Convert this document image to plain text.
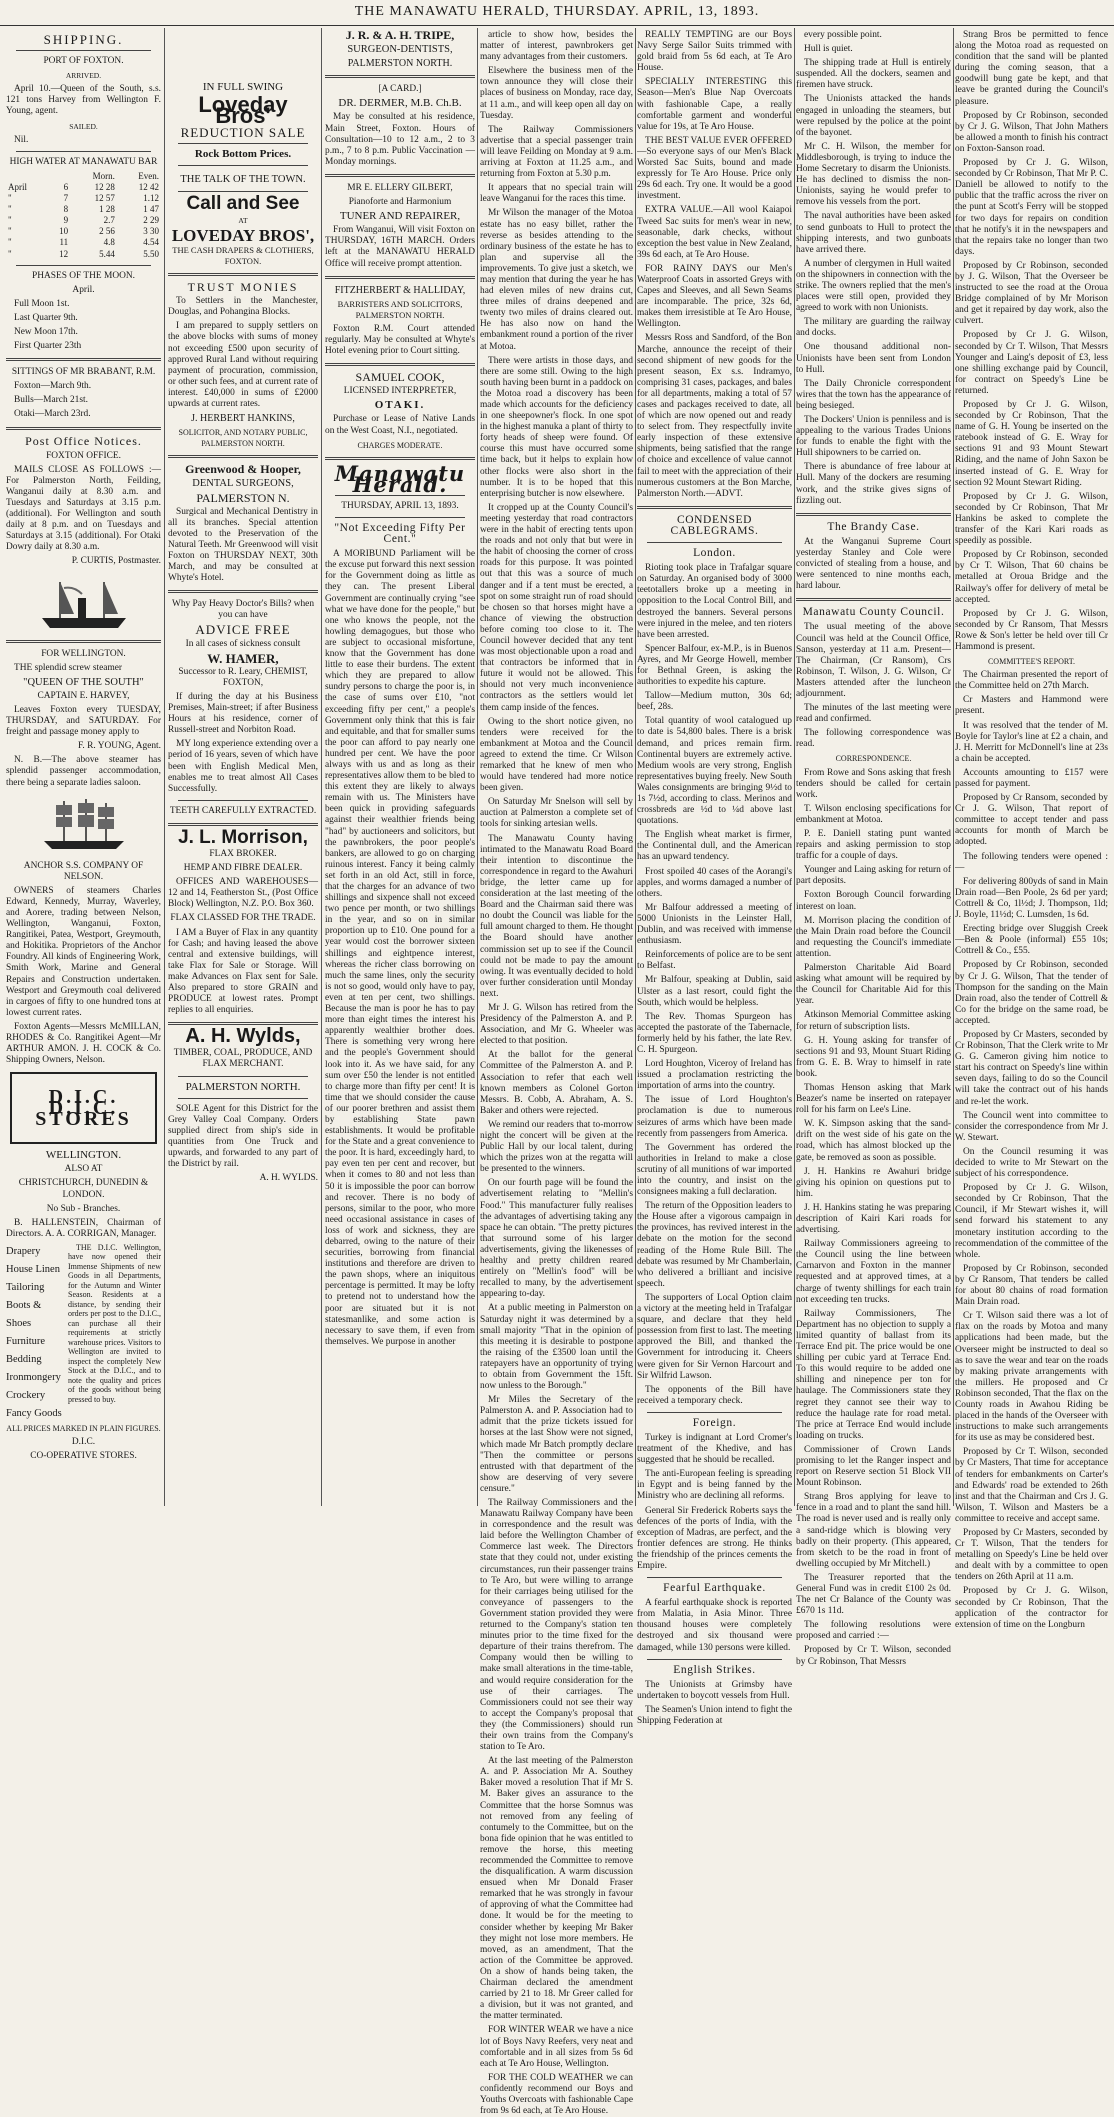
THE MANAWATU HERALD, THURSDAY. APRIL, 13, 1893.
SHIPPING.

PORT OF FOXTON.

ARRIVED.

April 10.—Queen of the South, s.s. 121 tons Harvey from Wellington F. Young, agent.

SAILED.

Nil.

HIGH WATER AT MANAWATU BAR

		Morn.	Even.
April	6	12 28	12 42
"	7	12 57	1.12
"	8	1 28	1 47
"	9	2.7	2 29
"	10	2 56	3 30
"	11	4.8	4.54
"	12	5.44	5.50

PHASES OF THE MOON.

April.

Full Moon 1st.

Last Quarter 9th.

New Moon 17th.

First Quarter 23th

SITTINGS OF MR BRABANT, R.M.

Foxton—March 9th.

Bulls—March 21st.

Otaki—March 23rd.

Post Office Notices.

FOXTON OFFICE.

MAILS CLOSE AS FOLLOWS :—For Palmerston North, Feilding, Wanganui daily at 8.30 a.m. and Tuesdays and Saturdays at 3.15 p.m. (additional). For Wellington and south daily at 8 p.m. and on Tuesdays and Saturdays at 3.15 (additional). For Otaki Dowry daily at 8.30 a.m.

P. CURTIS, Postmaster.

FOR WELLINGTON.

THE splendid screw steamer

"QUEEN OF THE SOUTH"

CAPTAIN E. HARVEY,

Leaves Foxton every TUESDAY, THURSDAY, and SATURDAY. For freight and passage money apply to

F. R. YOUNG, Agent.

N. B.—The above steamer has splendid passenger accommodation, there being a separate ladies saloon.

ANCHOR S.S. COMPANY OF NELSON.

OWNERS of steamers Charles Edward, Kennedy, Murray, Waverley, and Aorere, trading between Nelson, Wellington, Wanganui, Foxton, Rangitikei, Patea, Westport, Greymouth, and Hokitika. Proprietors of the Anchor Foundry. All kinds of Engineering Work, Smith Work, Marine and General Repairs and Construction undertaken. Westport and Greymouth coal delivered in cargoes of fifty to one hundred tons at lowest current rates.

Foxton Agents—Messrs McMILLAN, RHODES & Co. Rangitikei Agent—Mr ARTHUR AMON. J. H. COCK & Co. Shipping Owners, Nelson.

D.I.C. D.I.C. STORES

WELLINGTON.

ALSO AT

CHRISTCHURCH, DUNEDIN & LONDON.

No Sub - Branches.

B. HALLENSTEIN, Chairman of Directors. A. A. CORRIGAN, Manager.

Drapery
House Linen
Tailoring
Boots & Shoes
Furniture
Bedding
Ironmongery
Crockery
Fancy Goods

THE D.I.C. Wellington, have now opened their Immense Shipments of new Goods in all Departments, for the Autumn and Winter Season. Residents at a distance, by sending their orders per post to the D.I.C., can purchase all their requirements at strictly warehouse prices. Visitors to Wellington are invited to inspect the completely New Stock at the D.I.C., and to note the quality and prices of the goods without being pressed to buy.

ALL PRICES MARKED IN PLAIN FIGURES.

D.I.C.

CO-OPERATIVE STORES.

IN FULL SWING

Loveday Bros'

REDUCTION SALE

Rock Bottom Prices.

THE TALK OF THE TOWN.

Call and See

AT

LOVEDAY BROS',

THE CASH DRAPERS & CLOTHIERS, FOXTON.

TRUST MONIES

To Settlers in the Manchester, Douglas, and Pohangina Blocks.

I am prepared to supply settlers on the above blocks with sums of money not exceeding £500 upon security of approved Rural Land without requiring payment of procuration, commission, or other such fees, and at current rate of interest. £40,000 in sums of £2000 upwards at current rates.

J. HERBERT HANKINS,

SOLICITOR, AND NOTARY PUBLIC, PALMERSTON NORTH.

Greenwood & Hooper,

DENTAL SURGEONS,

PALMERSTON N.

Surgical and Mechanical Dentistry in all its branches. Special attention devoted to the Preservation of the Natural Teeth. Mr Greenwood will visit Foxton on THURSDAY NEXT, 30th March, and may be consulted at Whyte's Hotel.

Why Pay Heavy Doctor's Bills? when you can have

ADVICE FREE

In all cases of sickness consult

W. HAMER,

Successor to R. Leary, CHEMIST, FOXTON,

If during the day at his Business Premises, Main-street; if after Business Hours at his residence, corner of Russell-street and Norbiton Road.

MY long experience extending over a period of 16 years, seven of which have been with English Medical Men, enables me to treat almost All Cases Successfully.

TEETH CAREFULLY EXTRACTED.

J. L. Morrison,

FLAX BROKER.

HEMP AND FIBRE DEALER.

OFFICES AND WAREHOUSES— 12 and 14, Featherston St., (Post Office Block) Wellington, N.Z. P.O. Box 360.

FLAX CLASSED FOR THE TRADE.

I AM a Buyer of Flax in any quantity for Cash; and having leased the above central and extensive buildings, will take Flax for Sale or Storage. Will make Advances on Flax sent for Sale. Also prepared to store GRAIN and PRODUCE at lowest rates. Prompt replies to all enquiries.

A. H. Wylds,

TIMBER, COAL, PRODUCE, AND FLAX MERCHANT.

PALMERSTON NORTH.

SOLE Agent for this District for the Grey Valley Coal Company. Orders supplied direct from ship's side in quantities from One Truck and upwards, and forwarded to any part of the District by rail.

A. H. WYLDS.

J. R. & A. H. TRIPE,

SURGEON-DENTISTS,

PALMERSTON NORTH.

[A CARD.]

DR. DERMER, M.B. Ch.B.

May be consulted at his residence, Main Street, Foxton. Hours of Consultation—10 to 12 a.m., 2 to 3 p.m., 7 to 8 p.m. Public Vaccination — Monday mornings.

MR E. ELLERY GILBERT,

Pianoforte and Harmonium

TUNER AND REPAIRER,

From Wanganui, Will visit Foxton on THURSDAY, 16TH MARCH. Orders left at the MANAWATU HERALD Office will receive prompt attention.

FITZHERBERT & HALLIDAY,

BARRISTERS AND SOLICITORS, PALMERSTON NORTH.

Foxton R.M. Court attended regularly. May be consulted at Whyte's Hotel evening prior to Court sitting.

SAMUEL COOK,

LICENSED INTERPRETER,

OTAKI.

Purchase or Lease of Native Lands on the West Coast, N.I., negotiated.

CHARGES MODERATE.

Manawatu Herald.

THURSDAY, APRIL 13, 1893.

"Not Exceeding Fifty Per Cent."

A MORIBUND Parliament will be the excuse put forward this next session for the Government doing as little as they can. The present Liberal Government are continually crying "see what we have done for the people," but one who knows the people, not the howling demagogues, but those who are subject to occasional misfortune, know that the Government has done little to ease their burdens. The extent which they are prepared to allow sundry persons to charge the poor is, in the case of sums over £10, "not exceeding fifty per cent," a people's Government only think that this is fair and equitable, and that for smaller sums the poor can afford to pay nearly one hundred per cent. We have the poor always with us and as long as their representatives allow them to be bled to this extent they are likely to always remain with us. The Ministers have been quick in providing safeguards against their wealthier friends being "had" by auctioneers and solicitors, but the pawnbrokers, the poor people's bankers, are allowed to go on charging ruinous interest. Fancy it being calmly set forth in an old Act, still in force, that the charges for an advance of two shillings and sixpence shall not exceed two pence per month, or two shillings in the year, and so on in similar proportion up to £10. One pound for a year would cost the borrower sixteen shillings and eightpence interest, whereas the richer class borrowing on much the same lines, only the security is not so good, would only have to pay, even at ten per cent, two shillings. Because the man is poor he has to pay more than eight times the interest his apparently wealthier brother does. There is something very wrong here and the people's Government should look into it. As we have said, for any sum over £50 the lender is not entitled to charge more than fifty per cent! It is time that we should consider the cause of our poorer brethren and assist them by establishing State pawn establishments. It would be profitable for the State and a great convenience to the poor. It is hard, exceedingly hard, to pay even ten per cent and recover, but when it comes to 80 and not less than 50 it is impossible the poor can borrow and recover. There is no body of persons, similar to the poor, who more need occasional assistance in cases of loss of work and sickness, they are debarred, owing to the nature of their securities, borrowing from financial institutions and therefore are driven to the pawn shops, where an iniquitous percentage is permitted. It may be lofty to pretend not to understand how the poor are situated but it is not statesmanlike, and some action is necessary to save them, if even from themselves. We purpose in another

article to show how, besides the matter of interest, pawnbrokers get many advantages from their customers.

Elsewhere the business men of the town announce they will close their places of business on Monday, race day, at 11 a.m., and will keep open all day on Tuesday.

The Railway Commissioners advertise that a special passenger train will leave Feilding on Monday at 9 a.m. arriving at Foxton at 11.25 a.m., and returning from Foxton at 5.30 p.m.

It appears that no special train will leave Wanganui for the races this time.

Mr Wilson the manager of the Motoa estate has no easy billet, rather the reverse as besides attending to the ordinary business of the estate he has to plan and supervise all the improvements. To give just a sketch, we may mention that during the year he has had eleven miles of new drains cut, three miles of drains deepened and twenty two miles of drains cleared out. He has also now on hand the embankment round a portion of the river at Motoa.

There were artists in those days, and there are some still. Owing to the high south having been burnt in a paddock on the Motoa road a discovery has been made which accounts for the deficiency in one sheepowner's flock. In one spot in the highest manuka a plant of thirty to forty heads of sheep were found. Of course this must have occurred some time back, but it helps to explain how other flocks were also short in the number. It is to be hoped that this enterprising butcher is now elsewhere.

It cropped up at the County Council's meeting yesterday that road contractors were in the habit of erecting tents upon the roads and not only that but were in the habit of choosing the corner of cross roads for this purpose. It was pointed out that this was a source of much danger and if a tent must be erected, a spot on some straight run of road should be chosen so that horses might have a chance of viewing the obstruction before coming too close to it. The Council however decided that any tent was most objectionable upon a road and that contractors be informed that in future it would not be allowed. This should not very much inconvenience contractors as the settlers would let them camp inside of the fences.

Owing to the short notice given, no tenders were received for the embankment at Motoa and the Council agreed to extend the time. Cr Wilson remarked that he knew of men who would have tendered had more notice been given.

On Saturday Mr Snelson will sell by auction at Palmerston a complete set of tools for sinking artesian wells.

The Manawatu County having intimated to the Manawatu Road Board their intention to discontinue the correspondence in regard to the Awahuri bridge, the letter came up for consideration at the last meeting of the Board and the Chairman said there was no doubt the Council was liable for the full amount charged to them. He thought the Board should have another commission set up to see if the Council could not be made to pay the amount owing. It was eventually decided to hold over further consideration until Monday next.

Mr J. G. Wilson has retired from the Presidency of the Palmerston A. and P. Association, and Mr G. Wheeler was elected to that position.

At the ballot for the general Committee of the Palmerston A. and P. Association to refer that each well known members as Colonel Gorton Messrs. B. Cobb, A. Abraham, A. S. Baker and others were rejected.

We remind our readers that to-morrow night the concert will be given at the Public Hall by our local talent, during which the prizes won at the regatta will be presented to the winners.

On our fourth page will be found the advertisement relating to "Mellin's Food." This manufacturer fully realises the advantages of advertising taking any space he can obtain. "The pretty pictures that surround some of his larger advertisements, giving the likenesses of healthy and pretty children reared entirely on "Mellin's food" will be recalled to many, by the advertisement appearing to-day.

At a public meeting in Palmerston on Saturday night it was determined by a small majority "That in the opinion of this meeting it is desirable to postpone the raising of the £3500 loan until the ratepayers have an opportunity of trying to obtain from Government the 15ft. now unless to the Borough."

Mr Miles the Secretary of the Palmerston A. and P. Association had to admit that the prize tickets issued for horses at the last Show were not signed, which made Mr Batch promptly declare "Then the committee or persons entrusted with that department of the show are deserving of very severe censure."

The Railway Commissioners and the Manawatu Railway Company have been in correspondence and the result was laid before the Wellington Chamber of Commerce last week. The Directors state that they could not, under existing circumstances, run their passenger trains to Te Aro, but were willing to arrange for their carriages being utilised for the conveyance of passengers to the Government station provided they were returned to the Company's station ten minutes prior to the time fixed for the departure of their trains therefrom. The Company would then be willing to make small alterations in the time-table, and would require consideration for the use of their carriages. The Commissioners could not see their way to accept the Company's proposal that they (the Commissioners) should run their own trains from the Company's station to Te Aro.

At the last meeting of the Palmerston A. and P. Association Mr A. Southey Baker moved a resolution That if Mr S. M. Baker gives an assurance to the Committee that the horse Somnus was not removed from any feeling of contumely to the Committee, but on the bona fide opinion that he was entitled to remove the horse, this meeting recommended the Committee to remove the disqualification. A warm discussion ensued when Mr Donald Fraser remarked that he was strongly in favour of approving of what the Committee had done. It would be for the meeting to consider whether by keeping Mr Baker they might not lose more members. He moved, as an amendment, That the action of the Committee be approved. On a show of hands being taken, the Chairman declared the amendment carried by 21 to 18. Mr Greer called for a division, but it was not granted, and the matter terminated.

FOR WINTER WEAR we have a nice lot of Boys Navy Reefers, very neat and comfortable and in all sizes from 5s 6d each at Te Aro House, Wellington.

FOR THE COLD WEATHER we can confidently recommend our Boys and Youths Overcoats with fashionable Cape from 9s 6d each, at Te Aro House.

REALLY TEMPTING are our Boys Navy Serge Sailor Suits trimmed with gold braid from 5s 6d each, at Te Aro House.

SPECIALLY INTERESTING this Season—Men's Blue Nap Overcoats with fashionable Cape, a really comfortable garment and wonderful value for 19s, at Te Aro House.

THE BEST VALUE EVER OFFERED—So everyone says of our Men's Black Worsted Sac Suits, bound and made expressly for Te Aro House. Price only 29s 6d each. Try one. It would be a good investment.

EXTRA VALUE.—All wool Kaiapoi Tweed Sac suits for men's wear in new, seasonable, dark checks, without exception the best value in New Zealand, 39s 6d each, at Te Aro House.

FOR RAINY DAYS our Men's Waterproof Coats in assorted Greys with Capes and Sleeves, and all Sewn Seams are incomparable. The price, 32s 6d, makes them irresistible at Te Aro House, Wellington.

Messrs Ross and Sandford, of the Bon Marche, announce the receipt of their second shipment of new goods for the present season, Ex s.s. Indramyo, comprising 31 cases, packages, and bales for all departments, making a total of 57 cases and packages received to date, all of which are now opened out and ready to select from. They respectfully invite early inspection of these extensive shipments, being satisfied that the range of choice and excellence of value cannot fail to meet with the appreciation of their numerous customers at the Bon Marche, Palmerston North.—ADVT.

CONDENSED CABLEGRAMS.
London.

Rioting took place in Trafalgar square on Saturday. An organised body of 3000 teetotallers broke up a meeting in opposition to the Local Control Bill, and destroyed the banners. Several persons were injured in the melee, and ten rioters have been arrested.

Spencer Balfour, ex-M.P., is in Buenos Ayres, and Mr George Howell, member for Bethnal Green, is asking the authorities to expedite his capture.

Tallow—Medium mutton, 30s 6d; beef, 28s.

Total quantity of wool catalogued up to date is 54,800 bales. There is a brisk demand, and prices remain firm. Continental buyers are extremely active. Medium wools are very strong, English representatives buying freely. New South Wales consignments are bringing 9½d to 1s 7½d, according to class. Merinos and crossbreds are ½d to ¼d above last quotations.

The English wheat market is firmer, the Continental dull, and the American has an upward tendency.

Frost spoiled 40 cases of the Aorangi's apples, and worms damaged a number of others.

Mr Balfour addressed a meeting of 5000 Unionists in the Leinster Hall, Dublin, and was received with immense enthusiasm.

Reinforcements of police are to be sent to Belfast.

Mr Balfour, speaking at Dublin, said Ulster as a last resort, could fight the South, which would be helpless.

The Rev. Thomas Spurgeon has accepted the pastorate of the Tabernacle, formerly held by his father, the late Rev. C. H. Spurgeon.

Lord Houghton, Viceroy of Ireland has issued a proclamation restricting the importation of arms into the country.

The issue of Lord Houghton's proclamation is due to numerous seizures of arms which have been made recently from passengers from America.

The Government has ordered the authorities in Ireland to make a close scrutiny of all munitions of war imported into the country, and insist on the consignees making a full declaration.

The return of the Opposition leaders to the House after a vigorous campaign in the provinces, has revived interest in the debate on the motion for the second reading of the Home Rule Bill. The debate was resumed by Mr Chamberlain, who delivered a brilliant and incisive speech.

The supporters of Local Option claim a victory at the meeting held in Trafalgar square, and declare that they held possession from first to last. The meeting approved the Bill, and thanked the Government for introducing it. Cheers were given for Sir Vernon Harcourt and Sir Wilfrid Lawson.

The opponents of the Bill have received a temporary check.

Foreign.

Turkey is indignant at Lord Cromer's treatment of the Khedive, and has suggested that he should be recalled.

The anti-European feeling is spreading in Egypt and is being fanned by the Ministry who are declining all reforms.

General Sir Frederick Roberts says the defences of the ports of India, with the exception of Madras, are perfect, and the frontier defences are strong. He thinks the friendship of the princes cements the Empire.

Fearful Earthquake.

A fearful earthquake shock is reported from Malatia, in Asia Minor. Three thousand houses were completely destroyed and six thousand were damaged, while 130 persons were killed.

English Strikes.

The Unionists at Grimsby have undertaken to boycott vessels from Hull.

The Seamen's Union intend to fight the Shipping Federation at

every possible point.

Hull is quiet.

The shipping trade at Hull is entirely suspended. All the dockers, seamen and firemen have struck.

The Unionists attacked the hands engaged in unloading the steamers, but were repulsed by the police at the point of the bayonet.

Mr C. H. Wilson, the member for Middlesborough, is trying to induce the Home Secretary to disarm the Unionists. He has declined to dismiss the non-Unionists, saying he would prefer to remove his vessels from the port.

The naval authorities have been asked to send gunboats to Hull to protect the shipping interests, and two gunboats have arrived there.

A number of clergymen in Hull waited on the shipowners in connection with the strike. The owners replied that the men's places were still open, provided they agreed to work with non Unionists.

The military are guarding the railway and docks.

One thousand additional non-Unionists have been sent from London to Hull.

The Daily Chronicle correspondent wires that the town has the appearance of being besieged.

The Dockers' Union is penniless and is appealing to the various Trades Unions for funds to enable the fight with the Hull shipowners to be carried on.

There is abundance of free labour at Hull. Many of the dockers are resuming work, and the strike gives signs of fizzling out.

The Brandy Case.

At the Wanganui Supreme Court yesterday Stanley and Cole were convicted of stealing from a house, and were sentenced to nine months each, hard labour.

Manawatu County Council.

The usual meeting of the above Council was held at the Council Office, Sanson, yesterday at 11 a.m. Present—The Chairman, (Cr Ransom), Crs Robinson, T. Wilson, J. G. Wilson, Cr Masters attended after the luncheon adjournment.

The minutes of the last meeting were read and confirmed.

The following correspondence was read.

CORRESPONDENCE.

From Rowe and Sons asking that fresh tenders should be called for certain work.

T. Wilson enclosing specifications for embankment at Motoa.

P. E. Daniell stating punt wanted repairs and asking permission to stop traffic for a couple of days.

Younger and Laing asking for return of part deposits.

Foxton Borough Council forwarding interest on loan.

M. Morrison placing the condition of the Main Drain road before the Council and requesting the Council's immediate attention.

Palmerston Charitable Aid Board asking what amount will be required by the Council for Charitable Aid for this year.

Atkinson Memorial Committee asking for return of subscription lists.

G. H. Young asking for transfer of sections 91 and 93, Mount Stuart Riding from G. E. B. Wray to himself in rate book.

Thomas Henson asking that Mark Beazer's name be inserted on ratepayer roll for his farm on Lee's Line.

W. K. Simpson asking that the sand-drift on the west side of his gate on the road, which has almost blocked up the gate, be removed as soon as possible.

J. H. Hankins re Awahuri bridge giving his opinion on questions put to him.

J. H. Hankins stating he was preparing description of Kairi Kari roads for advertising.

Railway Commissioners agreeing to the Council using the line between Carnarvon and Foxton in the manner requested and at approved times, at a charge of twenty shillings for each train not exceeding ten trucks.

Railway Commissioners, The Department has no objection to supply a limited quantity of ballast from its Terrace End pit. The price would be one shilling per cubic yard at Terrace End. To this would require to be added one shilling and ninepence per ton for haulage. The Commissioners state they regret they cannot see their way to reduce the haulage rate for road metal. The price at Terrace End would include loading on trucks.

Commissioner of Crown Lands promising to let the Ranger inspect and report on Reserve section 51 Block VII Mount Robinson.

Strang Bros applying for leave to fence in a road and to plant the sand hill. The road is never used and is really only a sand-ridge which is blowing very badly on their property. (This appeared, from sketch to be the road in front of dwelling occupied by Mr Mitchell.)

The Treasurer reported that the General Fund was in credit £100 2s 0d. The net Cr Balance of the County was £670 1s 11d.

The following resolutions were proposed and carried :—

Proposed by Cr T. Wilson, seconded by Cr Robinson, That Messrs

Strang Bros be permitted to fence along the Motoa road as requested on condition that the sand will be planted during the coming season, that a goodwill bung gate be kept, and that leave be granted during the Council's pleasure.

Proposed by Cr Robinson, seconded by Cr J. G. Wilson, That John Mathers be allowed a month to finish his contract on Foxton-Sanson road.

Proposed by Cr J. G. Wilson, seconded by Cr Robinson, That Mr P. C. Daniell be allowed to notify to the public that the traffic across the river on the punt at Scott's Ferry will be stopped for two days for repairs on condition that he notify's it in the newspapers and that the repairs take no longer than two days.

Proposed by Cr Robinson, seconded by J. G. Wilson, That the Overseer be instructed to see the road at the Oroua Bridge complained of by Mr Morison and get it repaired by day work, also the culvert.

Proposed by Cr J. G. Wilson, seconded by Cr T. Wilson, That Messrs Younger and Laing's deposit of £3, less one shilling exchange paid by Council, for contract on Speedy's Line be returned.

Proposed by Cr J. G. Wilson, seconded by Cr Robinson, That the name of G. H. Young be inserted on the ratebook instead of G. E. Wray for sections 91 and 93 Mount Stewart Riding, and the name of John Saxon be inserted instead of G. E. Wray for section 92 Mount Stewart Riding.

Proposed by Cr J. G. Wilson, seconded by Cr Robinson, That Mr Hankins be asked to complete the transfer of the Kari Kari roads as speedily as possible.

Proposed by Cr Robinson, seconded by Cr T. Wilson, That 60 chains be metalled at Oroua Bridge and the Railway's offer for delivery of metal be accepted.

Proposed by Cr J. G. Wilson, seconded by Cr Ransom, That Messrs Rowe & Son's letter be held over till Cr Hammond is present.

COMMITTEE'S REPORT.

The Chairman presented the report of the Committee held on 27th March.

Cr Masters and Hammond were present.

It was resolved that the tender of M. Boyle for Taylor's line at £2 a chain, and J. H. Merritt for McDonnell's line at 23s a chain be accepted.

Accounts amounting to £157 were passed for payment.

Proposed by Cr Ransom, seconded by Cr J. G. Wilson, That report of committee to accept tender and pass accounts for month of March be adopted.

The following tenders were opened :—

For delivering 800yds of sand in Main Drain road—Ben Poole, 2s 6d per yard; Cottrell & Co, 1l½d; J. Thompson, 1ld; J. Boyle, 11½d; C. Lumsden, 1s 6d.

Erecting bridge over Sluggish Creek—Ben & Poole (informal) £55 10s; Cottrell & Co., £55.

Proposed by Cr Robinson, seconded by Cr J. G. Wilson, That the tender of Thompson for the sanding on the Main Drain road, also the tender of Cottrell & Co for the bridge on the same road, be accepted.

Proposed by Cr Masters, seconded by Cr Robinson, That the Clerk write to Mr G. G. Cameron giving him notice to start his contract on Speedy's line within seven days, failing to do so the Council will take the contract out of his hands and re-let the work.

The Council went into committee to consider the correspondence from Mr J. W. Stewart.

On the Council resuming it was decided to write to Mr Stewart on the subject of his correspondence.

Proposed by Cr J. G. Wilson, seconded by Cr Robinson, That the Council, if Mr Stewart wishes it, will send forward his statement to any monetary institution according to the recommendation of the committee of the whole.

Proposed by Cr Robinson, seconded by Cr Ransom, That tenders be called for about 80 chains of road formation Main Drain road.

Cr T. Wilson said there was a lot of flax on the roads by Motoa and many applications had been made, but the Overseer might be instructed to deal so as to save the wear and tear on the roads by making private arrangements with the millers. He proposed and Cr Robinson seconded, That the flax on the County roads in Awahou Riding be placed in the hands of the Overseer with instructions to make such arrangements for its use as may be considered best.

Proposed by Cr T. Wilson, seconded by Cr Masters, That time for acceptance of tenders for embankments on Carter's and Edwards' road be extended to 26th inst and that the Chairman and Crs J. G. Wilson, T. Wilson and Masters be a committee to receive and accept same.

Proposed by Cr Masters, seconded by Cr T. Wilson, That the tenders for metalling on Speedy's Line be held over and dealt with by a committee to open tenders on 26th April at 11 a.m.

Proposed by Cr J. G. Wilson, seconded by Cr Robinson, That the application of the contractor for extension of time on the Longburn
